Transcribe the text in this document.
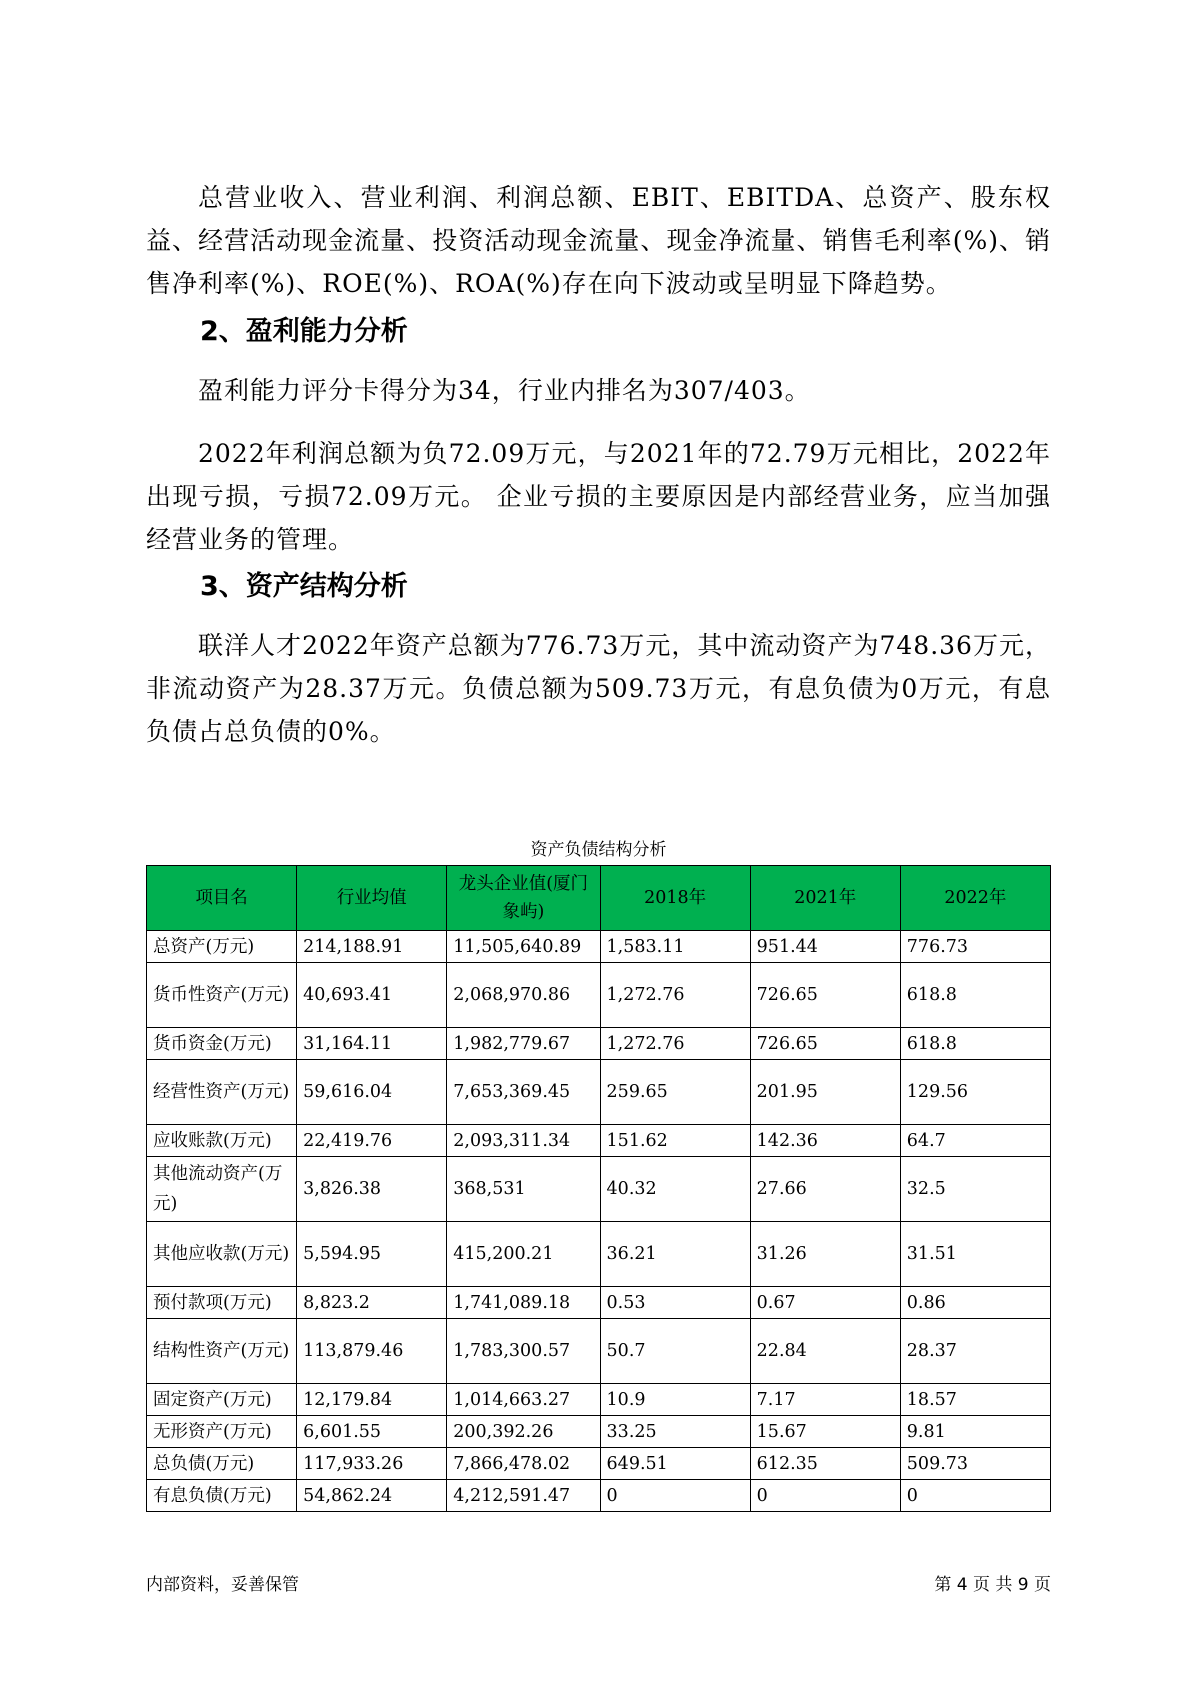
总营业收入、营业利润、利润总额、EBIT、EBITDA、总资产、股东权益、经营活动现金流量、投资活动现金流量、现金净流量、销售毛利率(%)、销售净利率(%)、ROE(%)、ROA(%)存在向下波动或呈明显下降趋势。

2、盈利能力分析

盈利能力评分卡得分为34，行业内排名为307/403。

2022年利润总额为负72.09万元，与2021年的72.79万元相比，2022年出现亏损，亏损72.09万元。 企业亏损的主要原因是内部经营业务，应当加强经营业务的管理。

3、资产结构分析

联洋人才2022年资产总额为776.73万元，其中流动资产为748.36万元，非流动资产为28.37万元。负债总额为509.73万元，有息负债为0万元，有息负债占总负债的0%。

资产负债结构分析
项目名	行业均值	龙头企业值(厦门象屿)	2018年	2021年	2022年
总资产(万元)	214,188.91	11,505,640.89	1,583.11	951.44	776.73
货币性资产(万元)	40,693.41	2,068,970.86	1,272.76	726.65	618.8
货币资金(万元)	31,164.11	1,982,779.67	1,272.76	726.65	618.8
经营性资产(万元)	59,616.04	7,653,369.45	259.65	201.95	129.56
应收账款(万元)	22,419.76	2,093,311.34	151.62	142.36	64.7
其他流动资产(万元)	3,826.38	368,531	40.32	27.66	32.5
其他应收款(万元)	5,594.95	415,200.21	36.21	31.26	31.51
预付款项(万元)	8,823.2	1,741,089.18	0.53	0.67	0.86
结构性资产(万元)	113,879.46	1,783,300.57	50.7	22.84	28.37
固定资产(万元)	12,179.84	1,014,663.27	10.9	7.17	18.57
无形资产(万元)	6,601.55	200,392.26	33.25	15.67	9.81
总负债(万元)	117,933.26	7,866,478.02	649.51	612.35	509.73
有息负债(万元)	54,862.24	4,212,591.47	0	0	0
内部资料，妥善保管	第 4 页 共 9 页
